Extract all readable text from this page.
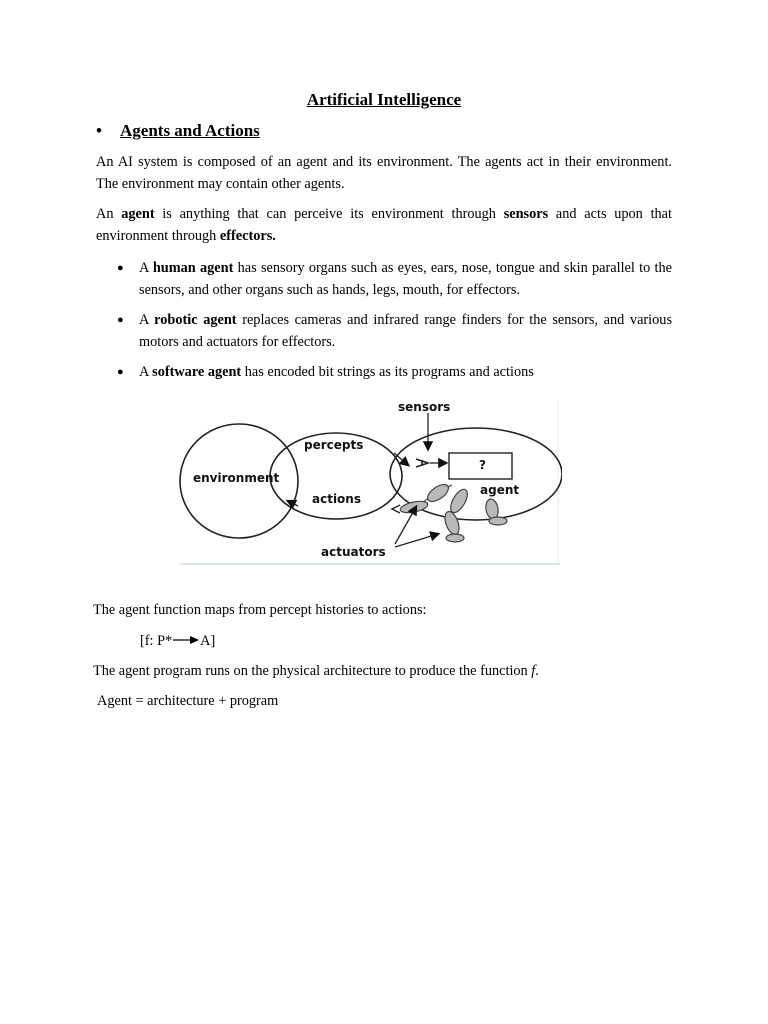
Artificial Intelligence
• Agents and Actions
An AI system is composed of an agent and its environment. The agents act in their environment. The environment may contain other agents.
An agent is anything that can perceive its environment through sensors and acts upon that environment through effectors.
●	A human agent has sensory organs such as eyes, ears, nose, tongue and skin parallel to the sensors, and other organs such as hands, legs, mouth, for effectors.
●	A robotic agent replaces cameras and infrared range finders for the sensors, and various motors and actuators for effectors.
●	A software agent has encoded bit strings as its programs and actions
sensors
percepts
environment
actions
agent
?
actuators
The agent function maps from percept histories to actions:
[f: P* A]
The agent program runs on the physical architecture to produce the function f.
Agent = architecture + program
